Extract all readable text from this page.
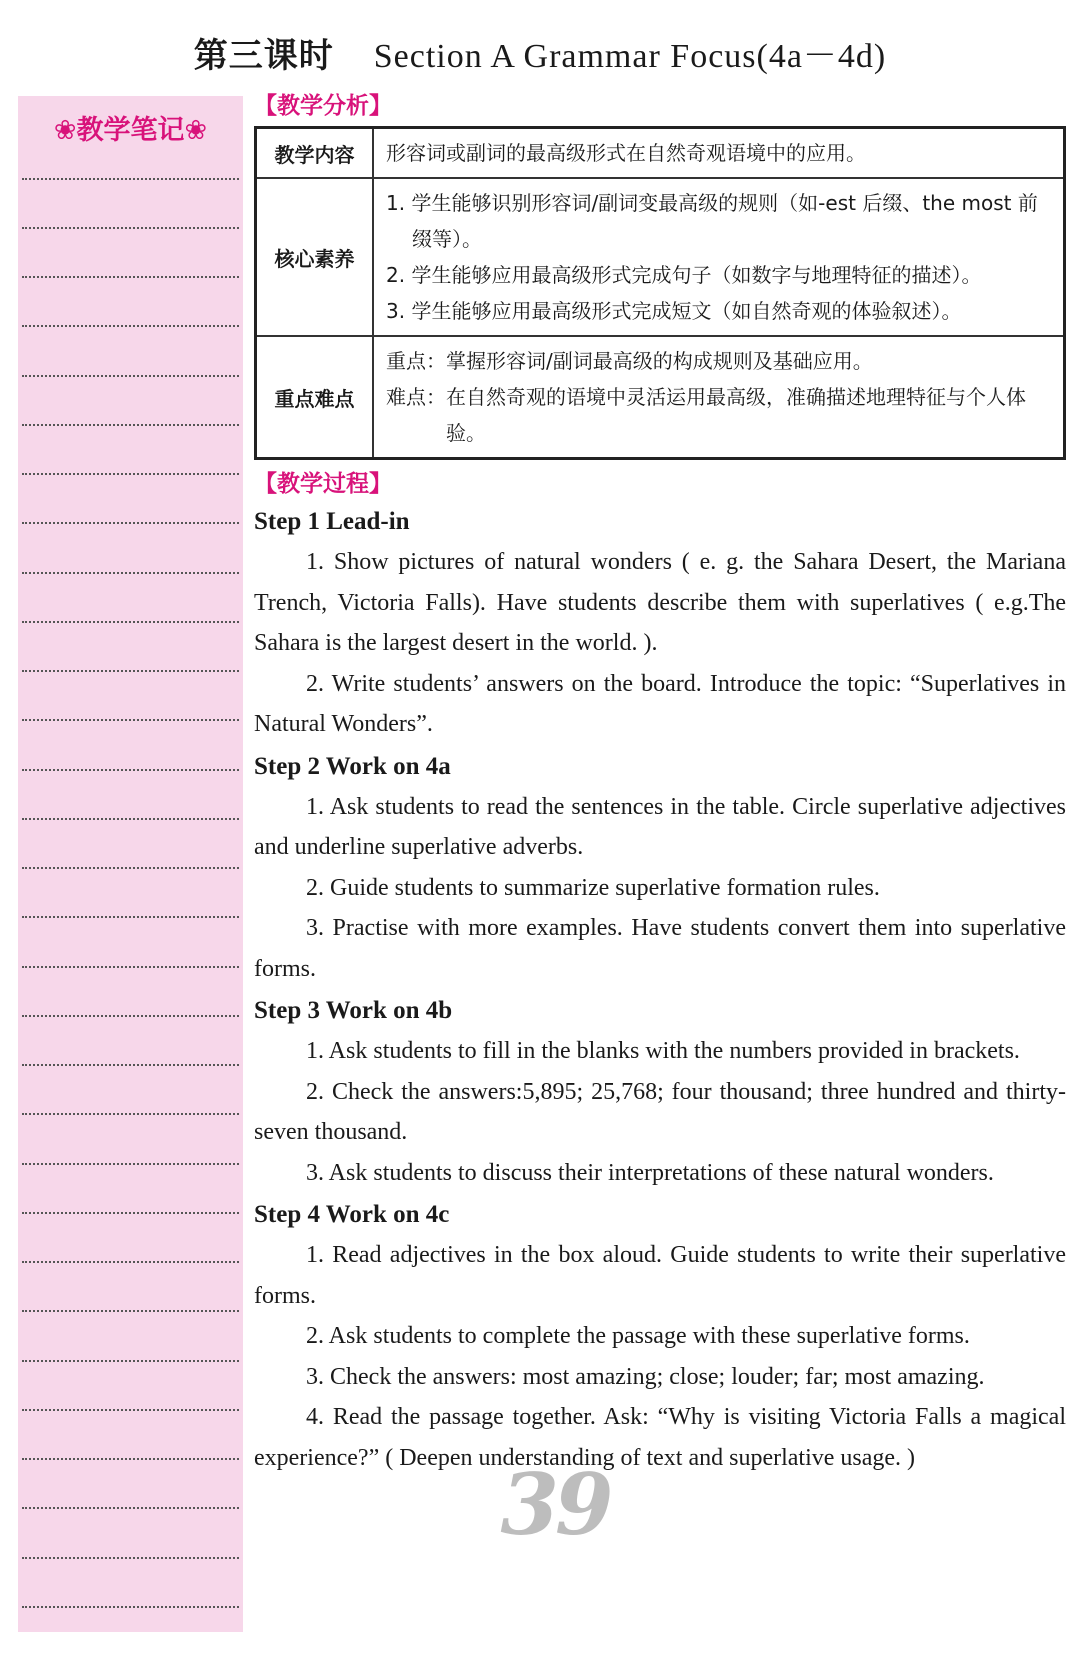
第三课时 Section A Grammar Focus(4a－4d)
❀教学笔记❀
【教学分析】
教学内容	形容词或副词的最高级形式在自然奇观语境中的应用。
核心素养	1. 学生能够识别形容词/副词变最高级的规则（如-est 后缀、the most 前缀等）。
2. 学生能够应用最高级形式完成句子（如数字与地理特征的描述）。
3. 学生能够应用最高级形式完成短文（如自然奇观的体验叙述）。

重点难点	重点：掌握形容词/副词最高级的构成规则及基础应用。
难点：在自然奇观的语境中灵活运用最高级，准确描述地理特征与个人体验。
【教学过程】
Step 1 Lead-in
1. Show pictures of natural wonders ( e. g. the Sahara Desert, the Mariana Trench, Victoria Falls). Have students describe them with superlatives ( e.g.The Sahara is the largest desert in the world. ).
2. Write students’ answers on the board. Introduce the topic: “Superlatives in Natural Wonders”.
Step 2 Work on 4a
1. Ask students to read the sentences in the table. Circle superlative adjectives and underline superlative adverbs.
2. Guide students to summarize superlative formation rules.
3. Practise with more examples. Have students convert them into superlative forms.
Step 3 Work on 4b
1. Ask students to fill in the blanks with the numbers provided in brackets.
2. Check the answers:5,895; 25,768; four thousand; three hundred and thirty-seven thousand.
3. Ask students to discuss their interpretations of these natural wonders.
Step 4 Work on 4c
1. Read adjectives in the box aloud. Guide students to write their superlative forms.
2. Ask students to complete the passage with these superlative forms.
3. Check the answers: most amazing; close; louder; far; most amazing.
4. Read the passage together. Ask: “Why is visiting Victoria Falls a magical experience?” ( Deepen understanding of text and superlative usage. )
39
